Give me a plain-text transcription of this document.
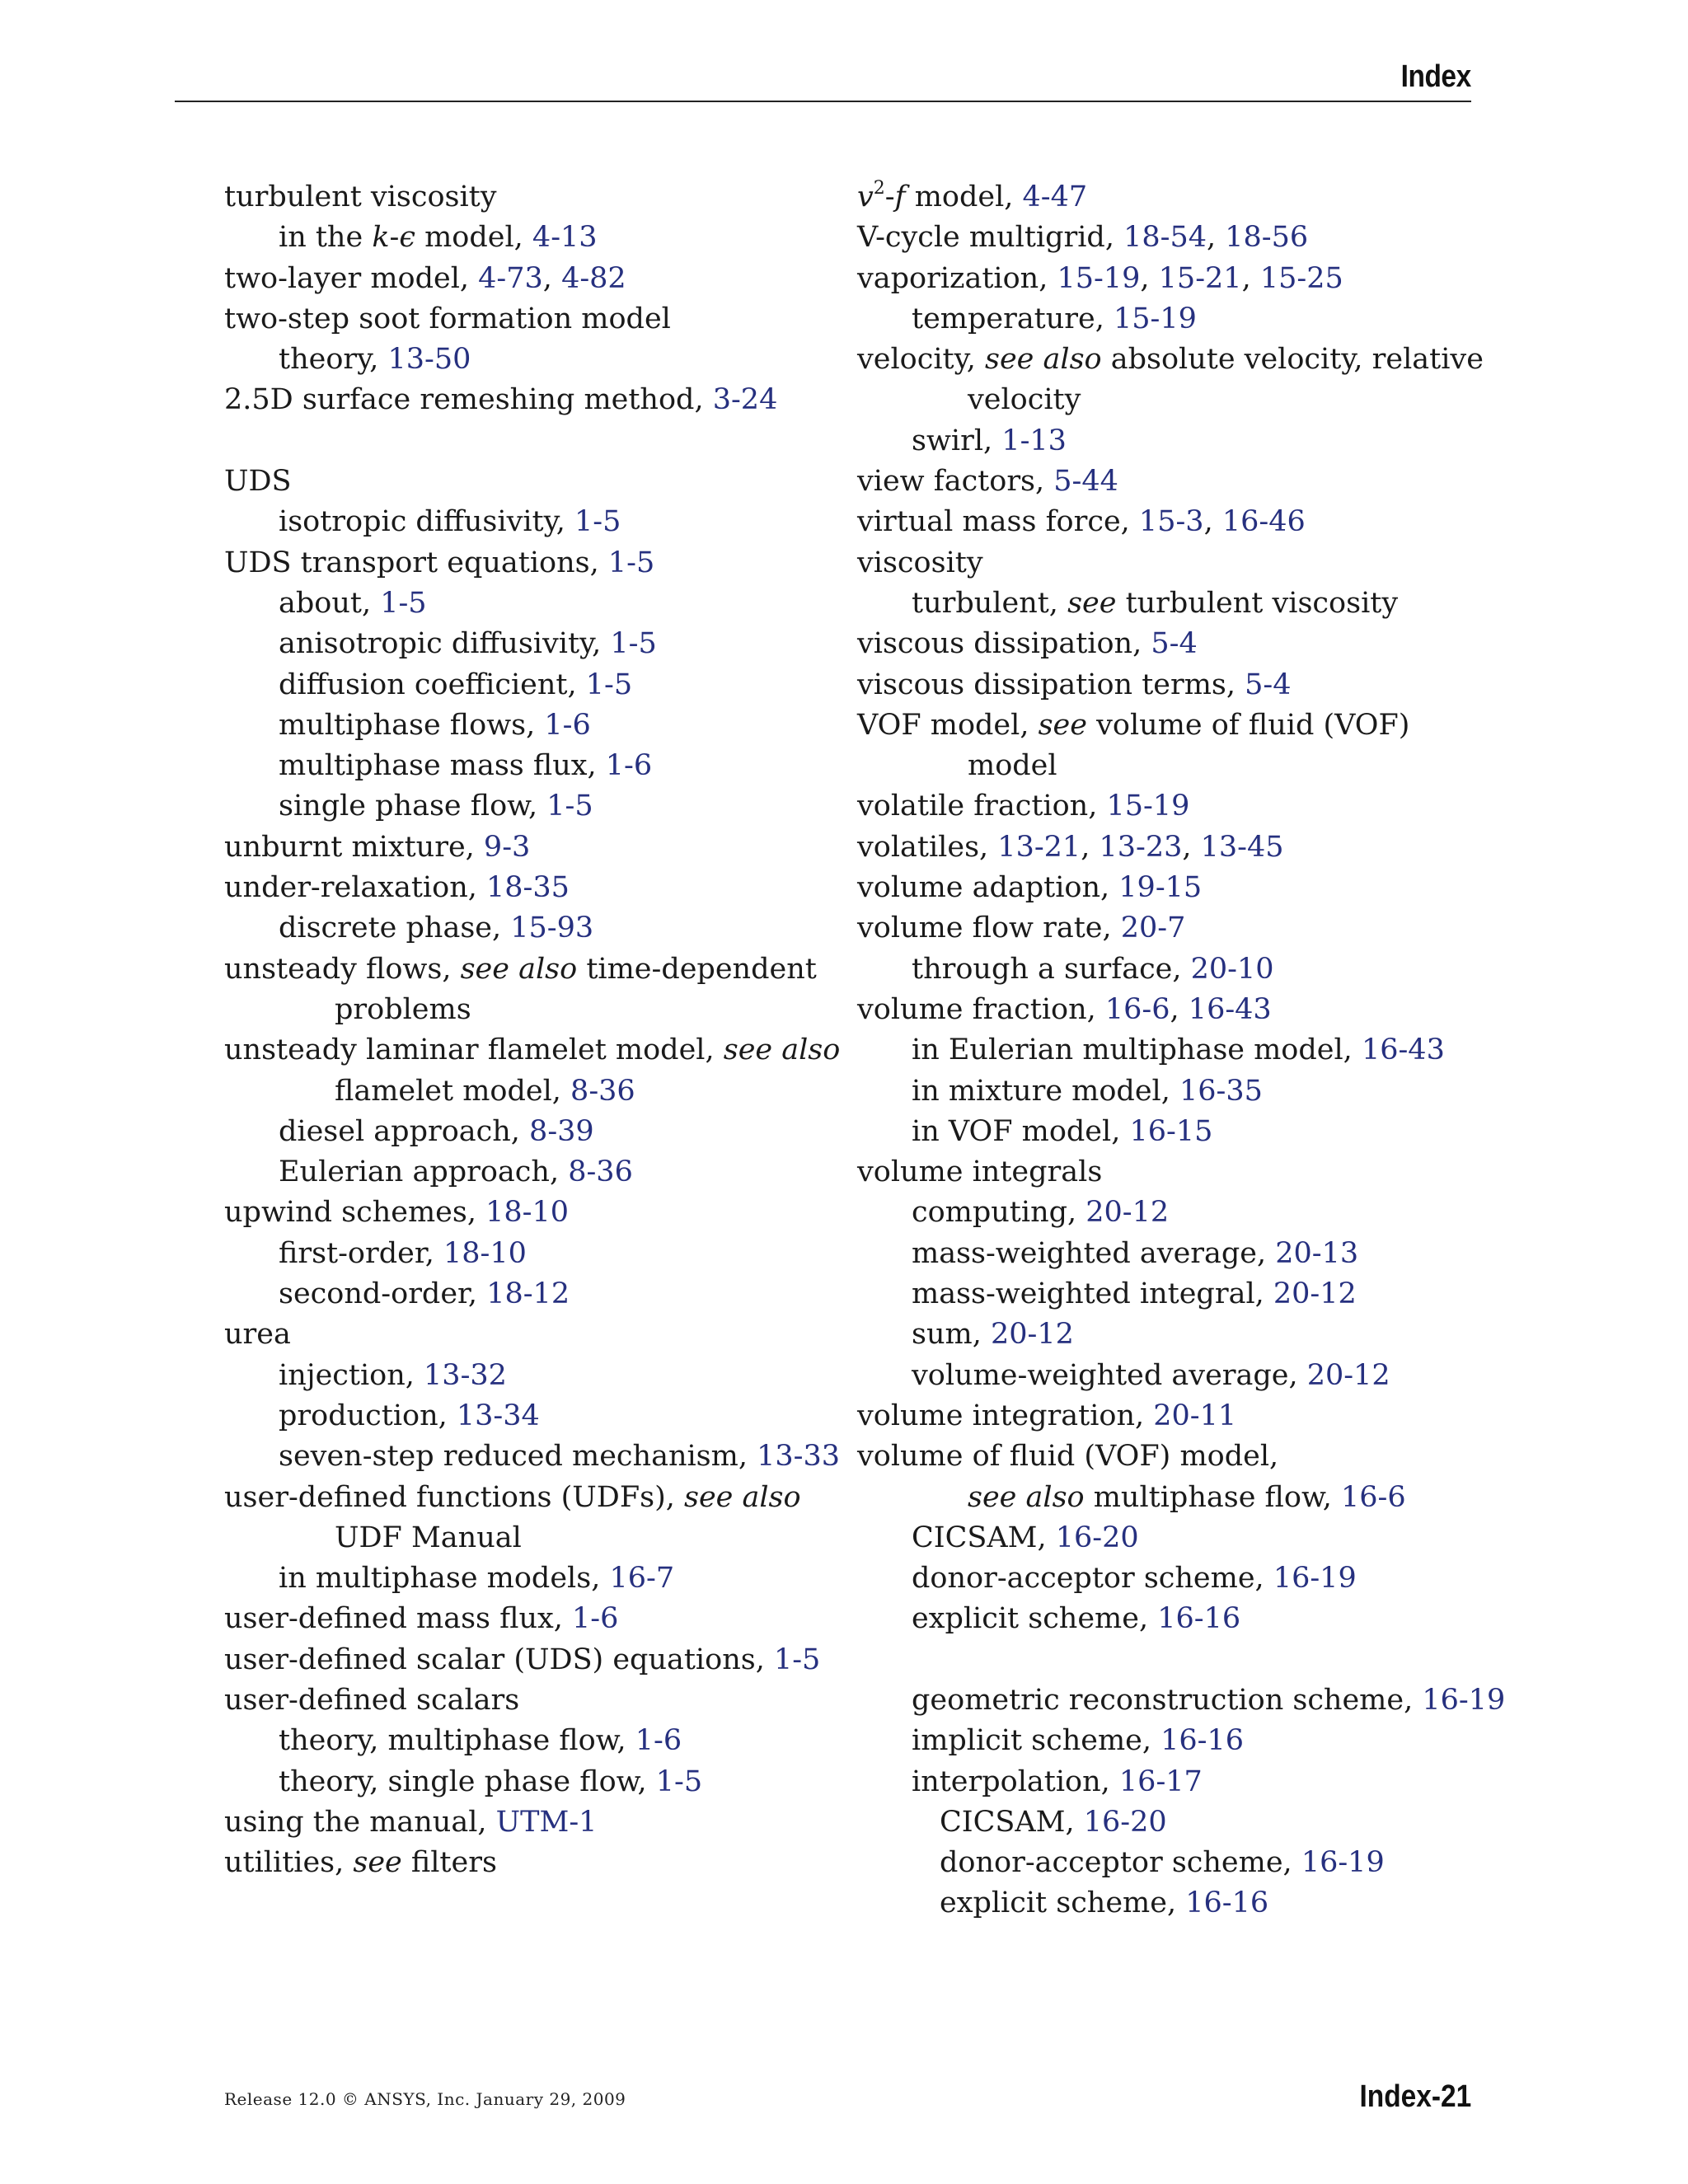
Index
turbulent viscosity
in the k-ϵ model, 4-13
two-layer model, 4-73, 4-82
two-step soot formation model
theory, 13-50
2.5D surface remeshing method, 3-24
UDS
isotropic diffusivity, 1-5
UDS transport equations, 1-5
about, 1-5
anisotropic diffusivity, 1-5
diffusion coefficient, 1-5
multiphase flows, 1-6
multiphase mass flux, 1-6
single phase flow, 1-5
unburnt mixture, 9-3
under-relaxation, 18-35
discrete phase, 15-93
unsteady flows, see also time-dependent
problems
unsteady laminar flamelet model, see also
flamelet model, 8-36
diesel approach, 8-39
Eulerian approach, 8-36
upwind schemes, 18-10
first-order, 18-10
second-order, 18-12
urea
injection, 13-32
production, 13-34
seven-step reduced mechanism, 13-33
user-defined functions (UDFs), see also
UDF Manual
in multiphase models, 16-7
user-defined mass flux, 1-6
user-defined scalar (UDS) equations, 1-5
user-defined scalars
theory, multiphase flow, 1-6
theory, single phase flow, 1-5
using the manual, UTM-1
utilities, see filters
$v^2-f$ model, 4-47
V-cycle multigrid, 18-54, 18-56
vaporization, 15-19, 15-21, 15-25
temperature, 15-19
velocity, see also absolute velocity, relative
velocity
swirl, 1-13
view factors, 5-44
virtual mass force, 15-3, 16-46
viscosity
turbulent, see turbulent viscosity
viscous dissipation, 5-4
viscous dissipation terms, 5-4
VOF model, see volume of fluid (VOF)
model
volatile fraction, 15-19
volatiles, 13-21, 13-23, 13-45
volume adaption, 19-15
volume flow rate, 20-7
through a surface, 20-10
volume fraction, 16-6, 16-43
in Eulerian multiphase model, 16-43
in mixture model, 16-35
in VOF model, 16-15
volume integrals
computing, 20-12
mass-weighted average, 20-13
mass-weighted integral, 20-12
sum, 20-12
volume-weighted average, 20-12
volume integration, 20-11
volume of fluid (VOF) model,
see also multiphase flow, 16-6
CICSAM, 16-20
donor-acceptor scheme, 16-19
explicit scheme, 16-16
geometric reconstruction scheme, 16-19
implicit scheme, 16-16
interpolation, 16-17
CICSAM, 16-20
donor-acceptor scheme, 16-19
explicit scheme, 16-16
Release 12.0 © ANSYS, Inc. January 29, 2009	Index-21
